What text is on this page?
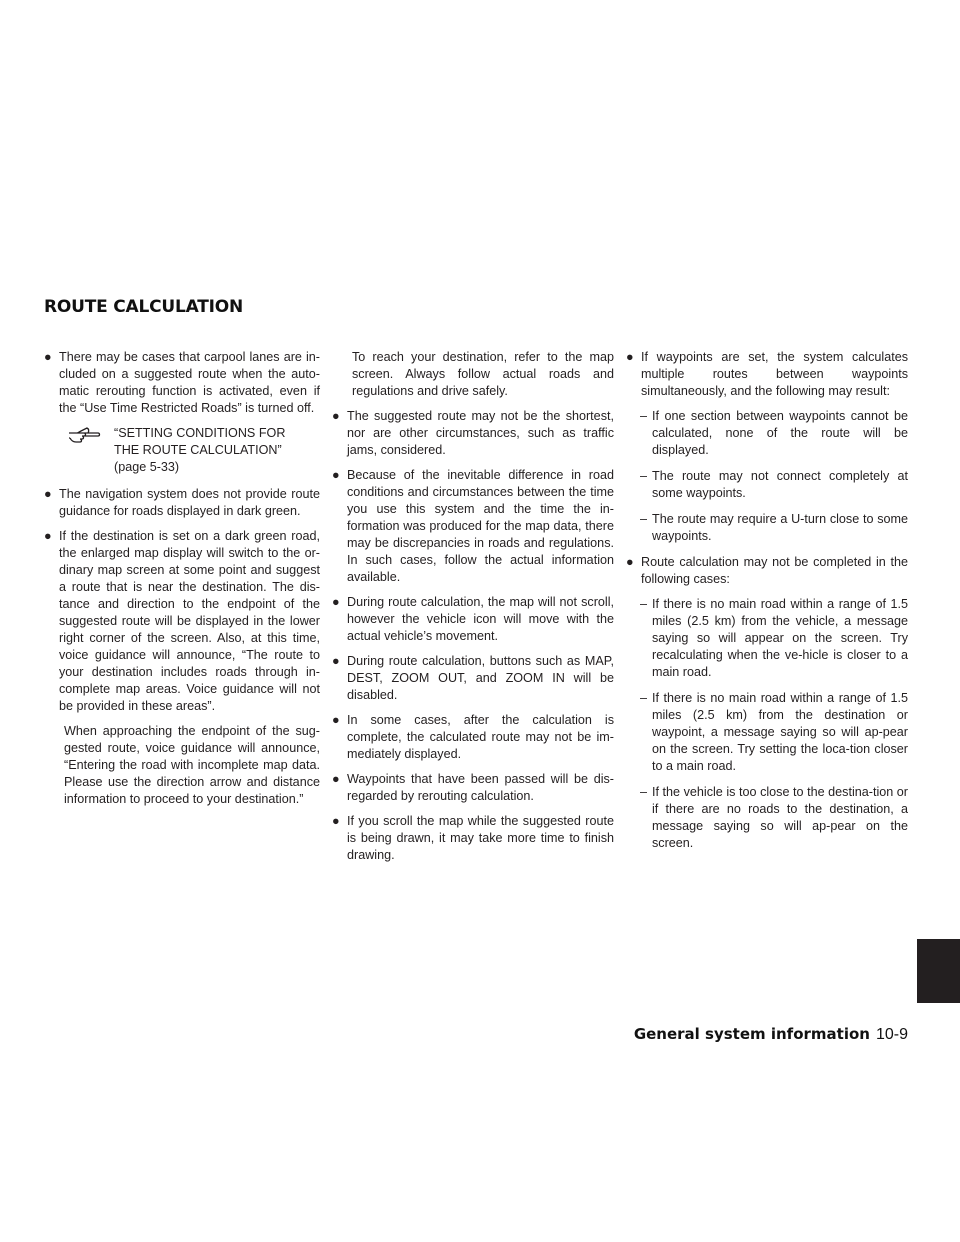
ROUTE CALCULATION

● There may be cases that carpool lanes are in-cluded on a suggested route when the auto-matic rerouting function is activated, even if the “Use Time Restricted Roads” is turned off.

“SETTING CONDITIONS FOR
THE ROUTE CALCULATION”
(page 5-33)

● The navigation system does not provide route guidance for roads displayed in dark green.

● If the destination is set on a dark green road, the enlarged map display will switch to the or-dinary map screen at some point and suggest a route that is near the destination. The dis-tance and direction to the endpoint of the suggested route will be displayed in the lower right corner of the screen. Also, at this time, voice guidance will announce, “The route to your destination includes roads through in-complete map areas. Voice guidance will not be provided in these areas”.

When approaching the endpoint of the sug-gested route, voice guidance will announce, “Entering the road with incomplete map data. Please use the direction arrow and distance information to proceed to your destination.”

To reach your destination, refer to the map screen. Always follow actual roads and regulations and drive safely.

● The suggested route may not be the shortest, nor are other circumstances, such as traffic jams, considered.

● Because of the inevitable difference in road conditions and circumstances between the time you use this system and the time the in-formation was produced for the map data, there may be discrepancies in roads and regulations. In such cases, follow the actual information available.

● During route calculation, the map will not scroll, however the vehicle icon will move with the actual vehicle’s movement.

● During route calculation, buttons such as MAP, DEST, ZOOM OUT, and ZOOM IN will be disabled.

● In some cases, after the calculation is complete, the calculated route may not be im-mediately displayed.

● Waypoints that have been passed will be dis-regarded by rerouting calculation.

● If you scroll the map while the suggested route is being drawn, it may take more time to finish drawing.

● If waypoints are set, the system calculates multiple routes between waypoints simultaneously, and the following may result:

– If one section between waypoints cannot be calculated, none of the route will be displayed.

– The route may not connect completely at some waypoints.

– The route may require a U-turn close to some waypoints.

● Route calculation may not be completed in the following cases:

– If there is no main road within a range of 1.5 miles (2.5 km) from the vehicle, a message saying so will appear on the screen. Try recalculating when the ve-hicle is closer to a main road.

– If there is no main road within a range of 1.5 miles (2.5 km) from the destination or waypoint, a message saying so will ap-pear on the screen. Try setting the loca-tion closer to a main road.

– If the vehicle is too close to the destina-tion or if there are no roads to the destination, a message saying so will ap-pear on the screen.

General system information 10-9
